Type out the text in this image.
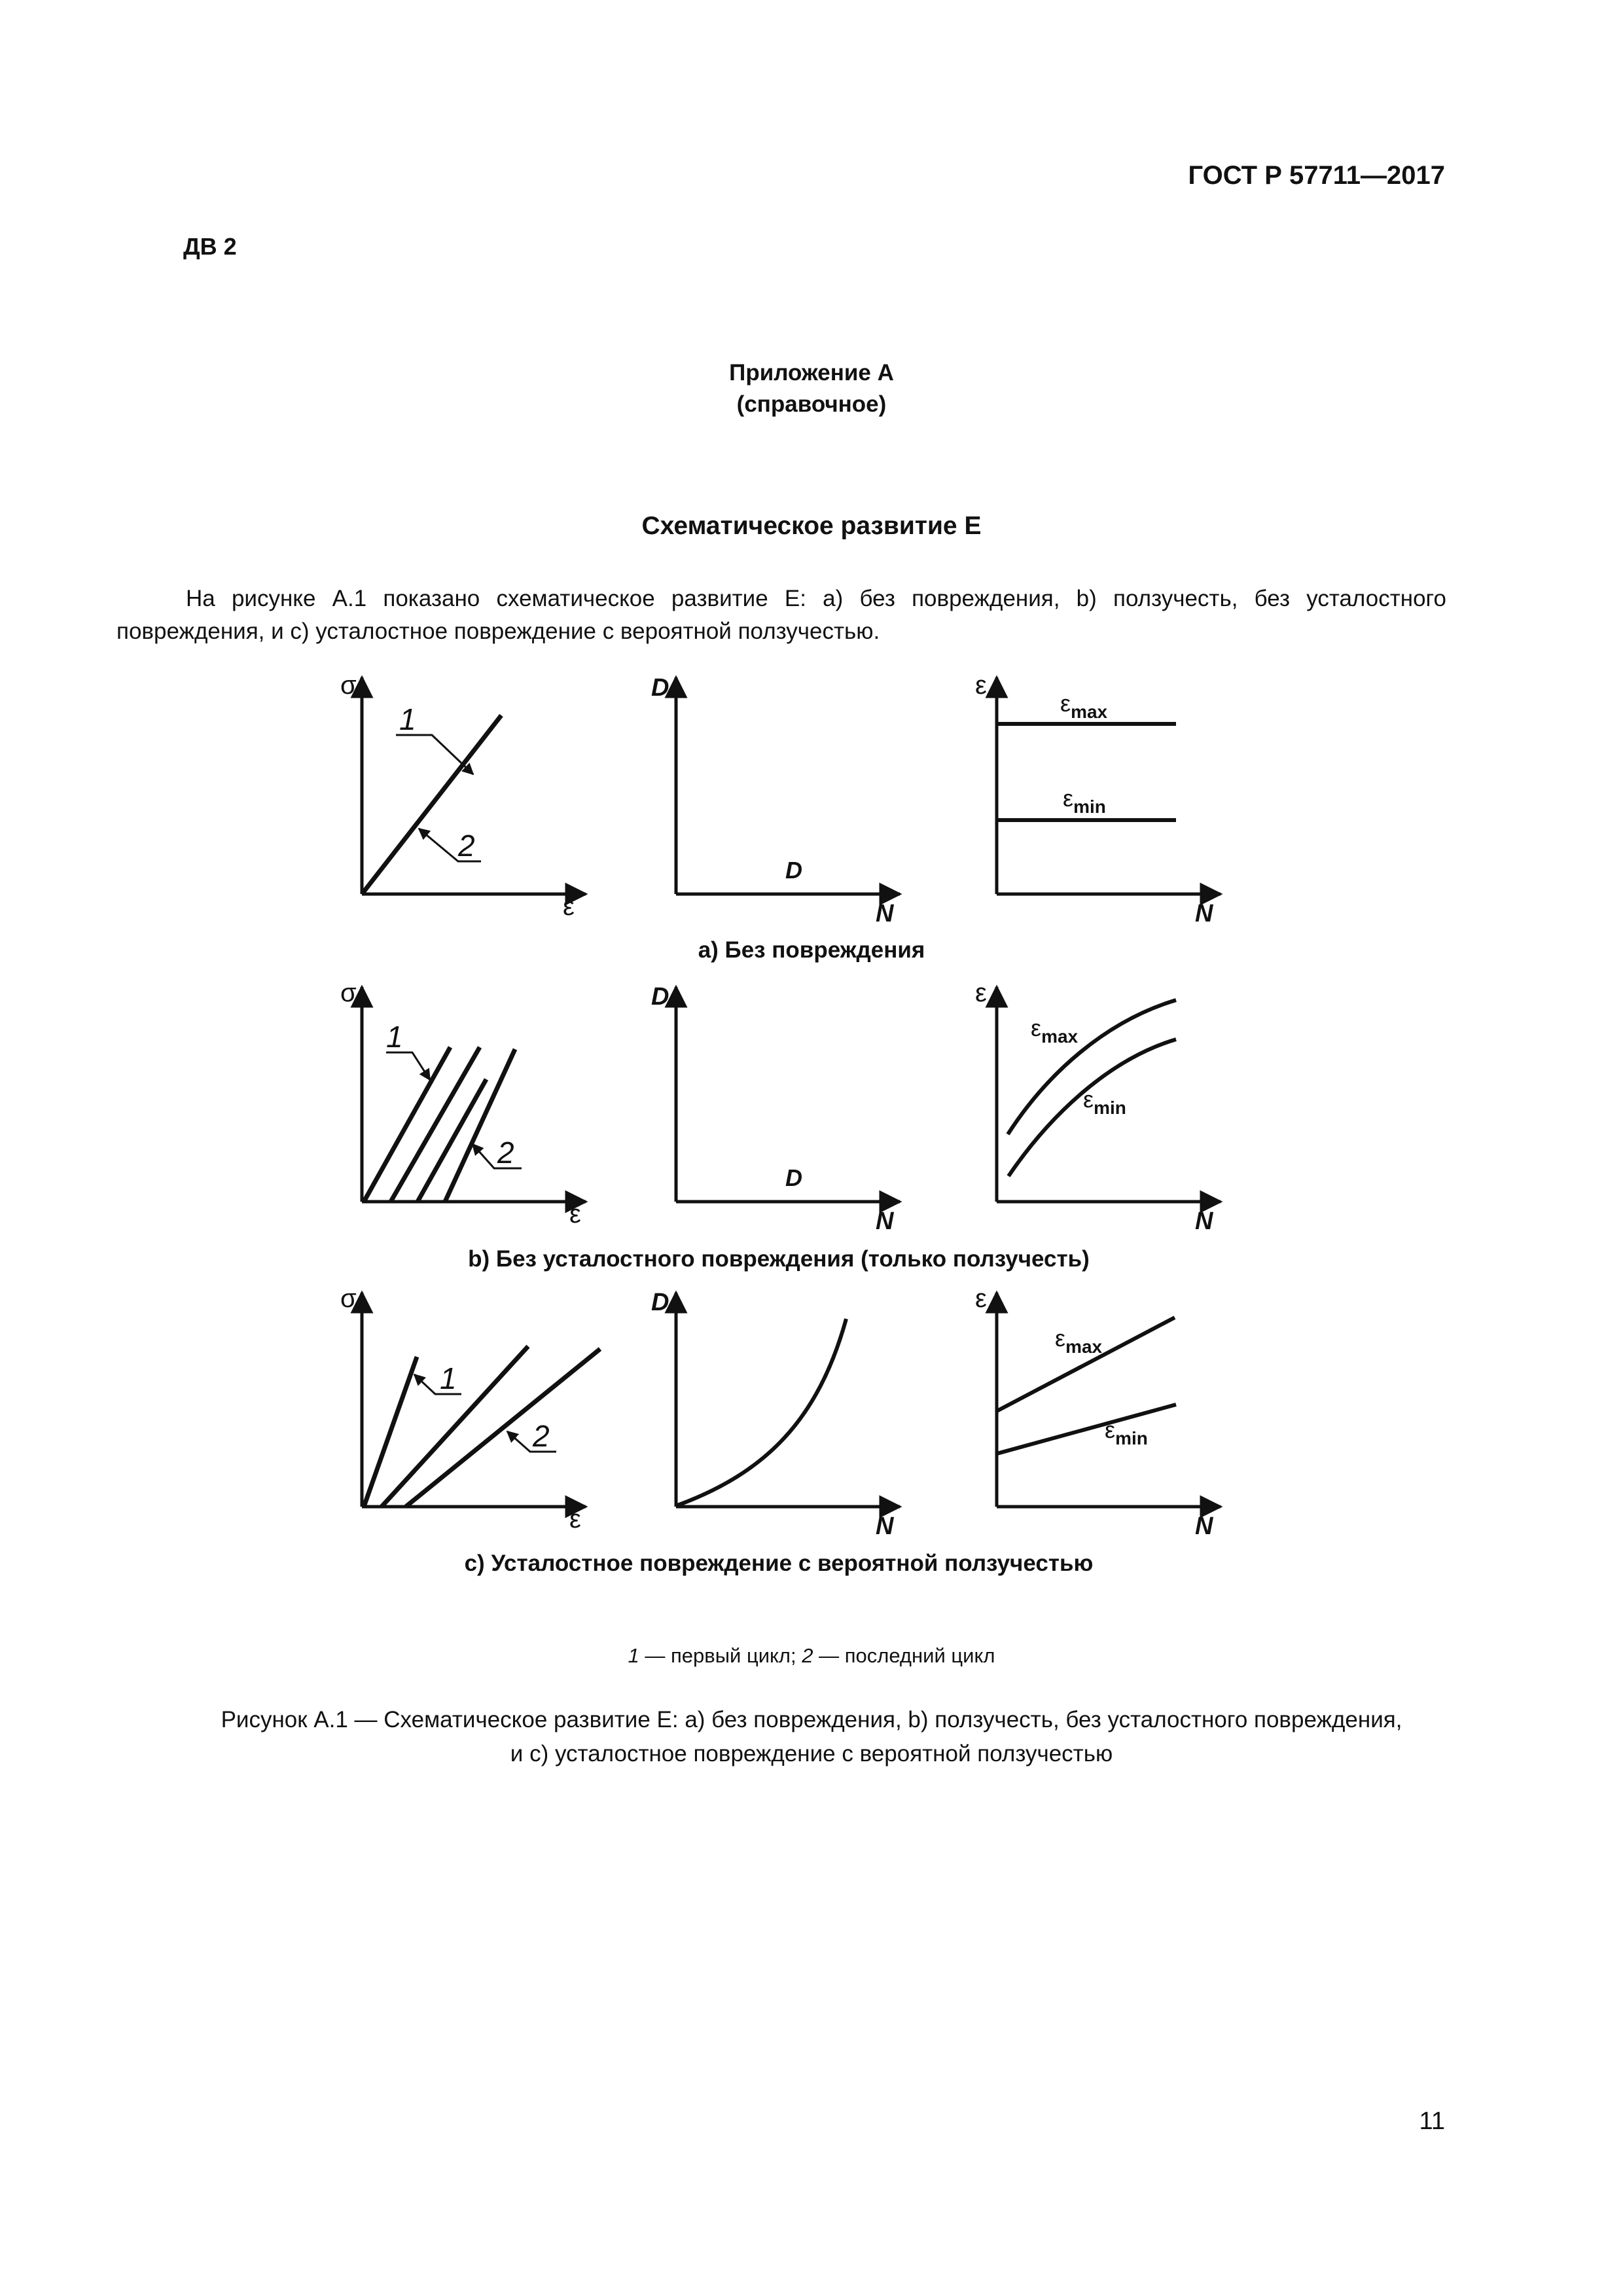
ГОСТ Р 57711—2017
ДВ 2
Приложение А
(справочное)
Схематическое развитие Е
На рисунке А.1 показано схематическое развитие Е: а) без повреждения, b) ползучесть, без усталостного повреждения, и с) усталостное повреждение с вероятной ползучестью.
σ
ε
1
2
D
N
D
ε
N
$\varepsilon_{max}$
$\varepsilon_{min}$
а) Без повреждения
σ
ε
1
2
D
N
D
ε
N
$\varepsilon_{max}$
$\varepsilon_{min}$
b) Без усталостного повреждения (только ползучесть)
σ
ε
1
2
D
N
ε
N
$\varepsilon_{max}$
$\varepsilon_{min}$
с) Усталостное повреждение с вероятной ползучестью
1 — первый цикл; 2 — последний цикл
Рисунок А.1 — Схематическое развитие Е: а) без повреждения, b) ползучесть, без усталостного повреждения,
и с) усталостное повреждение с вероятной ползучестью
11
